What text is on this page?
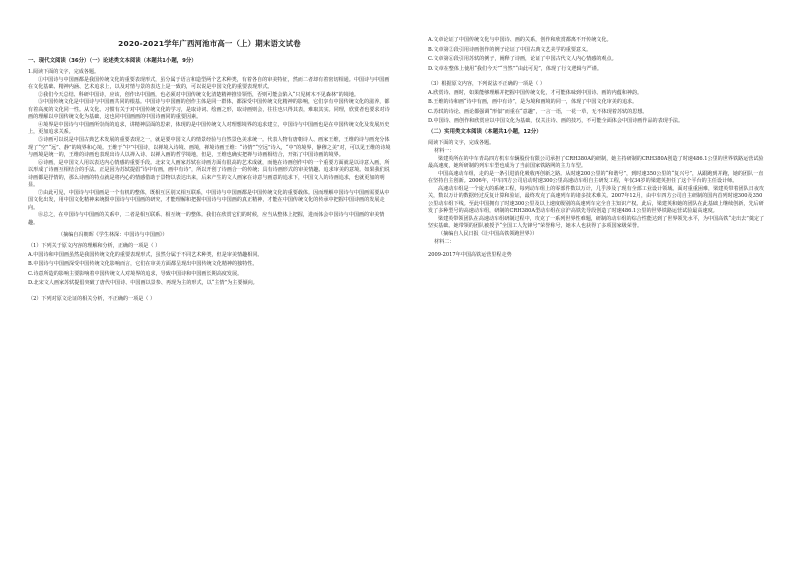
2020-2021学年广西河池市高一（上）期末语文试卷
一、现代文阅读（36分）（一）论述类文本阅读（本题共1小题，9分）

1.阅读下面的文字，完成各题。

①中国诗与中国画都是我国传统文化的重要表现形式，虽分属于语言和造型两个艺术种类，有着各自的审美特征，然而二者却有着密切相通。中国诗与中国画在文化基础、精神内涵、艺术追求上，以及对情与景的表达上是一致的，可以说是中国文化的重要表现形式。

②我们今天总结、科研中国诗，应该，创作出中国画，也必须对中国传统文化清楚精神推崇领悟，否则可能会陷入“只见树木不见森林”的境地。

③中国传统文化是中国诗与中国画共同的根基。中国诗与中国画的创作主体是同一群体，都深受中国传统文化精神的影响，它们享有中国传统文化的滋养，都有着高度的文化同一性。从文化、习惯有关于对中国传统文化的学习，是取诗词、绘画之形，取诗画则会，往往也只得其表，难取其实。同理，欣赏者也要求对诗画的理解以中国传统文化为基础，这也同中国画画的中国诗画同的重要因素。

④境界是中国诗与中国画所崇尚的追求，讲精神层面的思索，体现的是中国传统文人对理想境界的追求建立，中国诗与中国画也是在中国传统文化及发展历史上，更加追求关系。

⑤诗画可以说是中国古典艺术发展的重要表现之一，就是要中国文人的情景经验与自然景色美求统一。代表人物有唐朝诗人、画家王维，王维的诗与画充分体现了“空”“远”、静”的境界和心境。王维于“中”中国诗，以禅境入诗境、画境，禅境诗画王维：“诗情”“空远”诗入，“中”的境界，静穆之美”对，可以见王维的诗境与画境是统一的，王维的诗画也表现出诗人以禅入诗、以禅入画的哲学境地，但是，王维也确实把禅与诗画相结合，开拓了中国诗画的境界。

⑥诗画，是中国文人用以表达内心情感的重要手段。北宋文人画家苏轼在诗画方面有很高的艺术成就，而他在诗画创作中的一个重要方面就是以诗意入画，所以形成了诗画互相结合的手法。正是因为苏轼提倡“诗中有画，画中有诗”，所以开创了诗画合一的传统；具有诗画形式的审美情趣、追求审美的意境。如果我们说诗画都是抒情的，那么诗画的特点就是将内心的情感借助于景物以表达出来，后来产生的文人画家在诗意与画意的追求下，中国文人的诗画追求，也就更加的明显。

⑦由此可见，中国诗与中国画是一个有机的整体，既相互区别又相互联系，中国诗与中国画都是中国传统文化的重要载体。因而理解中国诗与中国画需要从中国文化出发，用中国文化精神来统摄中国诗与中国画的研究，才能理解和把握中国诗与中国画的真正精神，才能在中国传统文化的传承中把握中国诗画的发展走向。

⑧总之，在中国诗与中国画的关系中，二者是相互联系、相互统一的整体。我们在欣赏它们的时候，应当从整体上把握，进而体会中国诗与中国画的审美情趣。

（摘编自冯朝晖《学生林深：中国诗与中国画》）

（1）下列关于原文内容的理解和分析，正确的一项是（ ）

A.中国诗和中国画虽然是我国传统文化的重要表现形式，虽然分属于不同艺术种类，但是审美情趣相同。

B.中国诗与中国画深受中国传统文化影响而言，它们在审美方面都呈现出中国传统文化精神的独特性。

C.诗意所造的影响主要影响着中国传统文人对境界的追求，导致中国诗和中国画长期高度发展。

D.北宋文人画家苏轼提倡突破了唐代中国诗、中国画以景参、再现为主的形式，以“主情”为主要倾向。

（2）下列对原文论证的相关分析，不正确的一项是（ ）

A.文章论证了中国传统文化与中国诗、画的关系，创作和欣赏都离不开传统文化。

B.文章第②段引用诗画创作的例子论证了中国古典文艺美学的重要意义。

C.文章第⑥段引用苏轼的例子，阐释了诗画，论证了中国古代文人内心情感的观点。

D.文章在整体上使用“我们今天”“当然”“由此可见”，体现了行文逻辑与严谨。

（3）根据原文内容，下列说法不正确的一项是（ ）

A.欣赏诗、画时，如果能够理解并把握中国传统文化，才可能体味到中国诗、画的内蕴和神韵。

B.王维的诗和画“诗中有画，画中有诗”，是为境和画境的同一，体现了中国文化审美的追求。

C.苏轼的诗论、画论都强调“形似”而重在“意趣”，一言一语，一花一草，无不体现着苏轼的思想。

D.中国诗、画创作和欣赏应以中国文化为基础，仅关注诗、画的技巧，不可能全面体会中国诗画作品的表现手法。

（二）实用类文本阅读（本题共1小题，12分）

阅读下面的文字，完成各题。

材料一：

梁建英所在的中车青岛四方机车车辆股份有限公司承担了CRH380A的研制，她主持研制的CRH380A创造了时速486.1公里的世界铁路运营试验最高速度，她所研制的列车车型也成为了当前国家铁路网的主力车型。

中国高速动车组，走的是一条引进消化吸收再创新之路。从时速200公里的“和谐号”，到时速350公里的“复兴号”，从跟跑到并跑，她的团队一直在坚持自主创新。2006年，中车四方公司启动时速300公里高速动车组自主研发工程，年仅34岁的梁建英担任了这个平台的主任设计师。

高速动车组是一个庞大的系统工程，每列动车组上的零部件数以万计，几乎涉及了现有全部工业设计领域。面对重重困难，梁建英带着团队日夜攻关，数以万计的数据经过反复计算和验证，最终攻克了高速列车的诸多技术难关。2007年12月，由中车四方公司自主研制的国内首列时速300及350公里动车组下线。至此中国拥有了时速300公里及以上速度级别的高速列车完全自主知识产权。此后，梁建英和她的团队在此基础上继续创新，先后研发了多种型号的高速动车组，研制的CRH380A型动车组在京沪高铁先导段创造了时速486.1公里的世界铁路运营试验最高速度。

梁建英带领团队在高速动车组研制过程中，攻克了一系列世界性难题，研制的动车组的综合性能达到了世界领先水平，为中国高铁“走出去”奠定了坚实基础。她带领的团队被授予“全国工人先锋号”荣誉称号，她本人也获得了多项国家级荣誉。

（摘编自人民日报《让中国高铁领跑世界》）

材料二：

2009-2017年中国高铁运营里程走势
